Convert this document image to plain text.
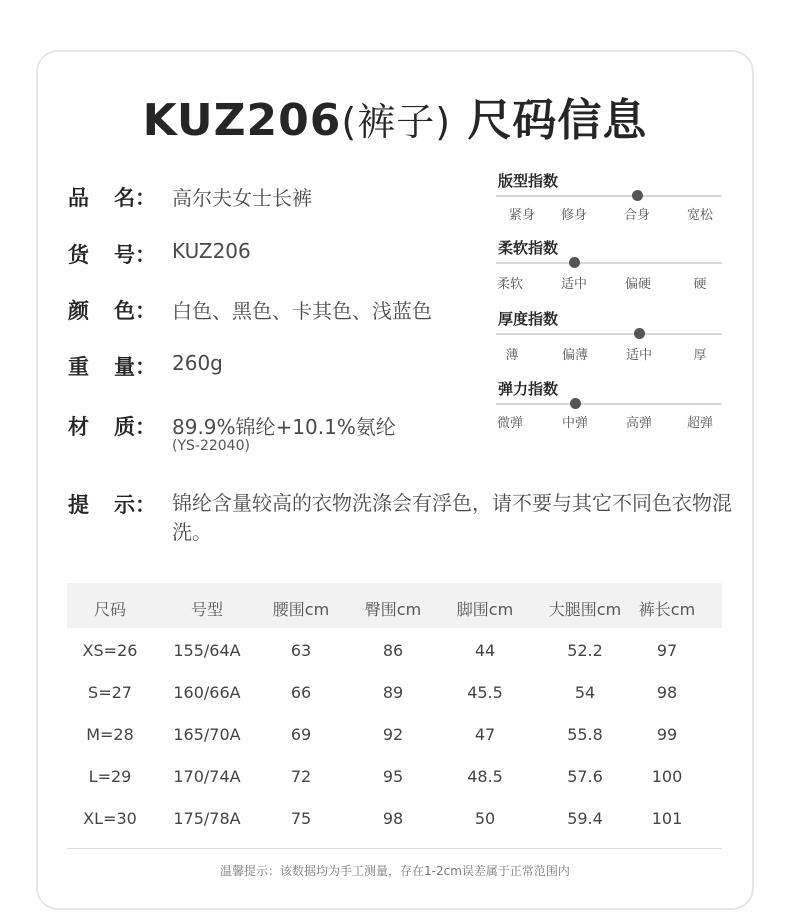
KUZ206(裤子) 尺码信息
品 名： 高尔夫女士长裤
货 号： KUZ206
颜 色： 白色、黑色、卡其色、浅蓝色
重 量： 260g
材 质： 89.9%锦纶+10.1%氨纶
(YS-22040)
提 示： 锦纶含量较高的衣物洗涤会有浮色，请不要与其它不同色衣物混洗。
版型指数
紧身	修身	合身	宽松
柔软指数
柔软	适中	偏硬	硬
厚度指数
薄	偏薄	适中	厚
弹力指数
微弹	中弹	高弹	超弹
尺码	号型	腰围cm	臀围cm	脚围cm	大腿围cm	裤长cm
XS=26	155/64A	63	86	44	52.2	97
S=27	160/66A	66	89	45.5	54	98
M=28	165/70A	69	92	47	55.8	99
L=29	170/74A	72	95	48.5	57.6	100
XL=30	175/78A	75	98	50	59.4	101
温馨提示：该数据均为手工测量，存在1-2cm误差属于正常范围内
